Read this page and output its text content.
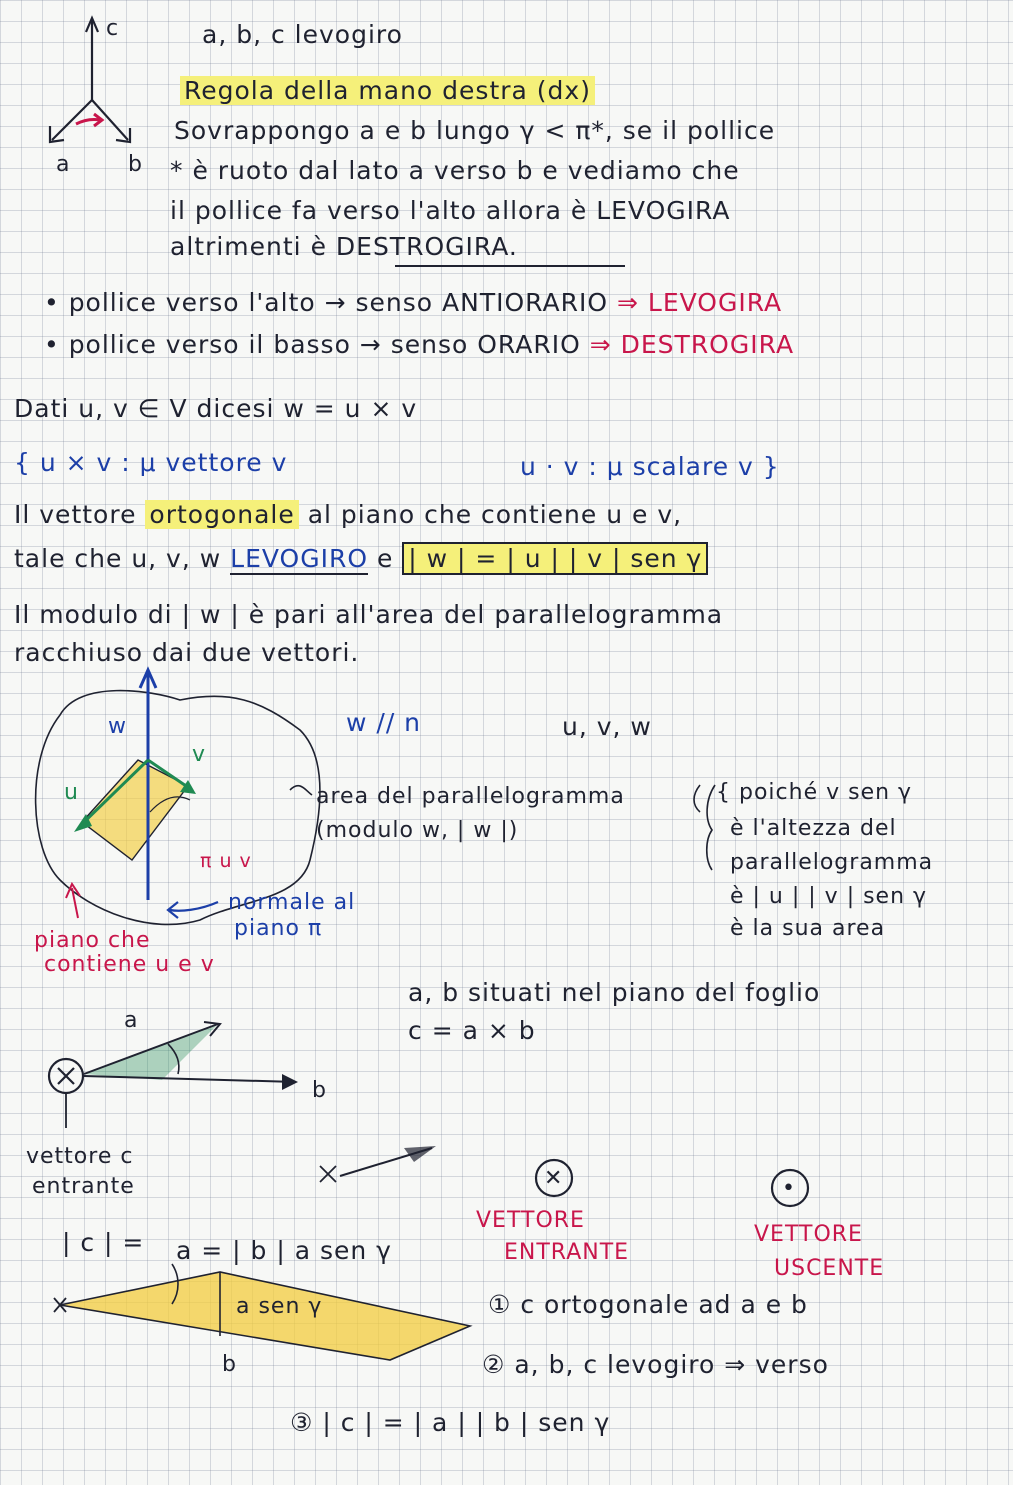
c
a	b
a, b, c levogiro
Regola della mano destra (dx)
Sovrappongo a e b lungo γ < π*, se il pollice
* è ruoto dal lato a verso b e vediamo che
il pollice fa verso l'alto allora è LEVOGIRA
altrimenti è DESTROGIRA.
• pollice verso l'alto → senso ANTIORARIO ⇒ LEVOGIRA
• pollice verso il basso → senso ORARIO ⇒ DESTROGIRA
Dati u, v ∈ V dicesi w = u × v
{ u × v : μ vettore v	u · v : μ scalare v }
Il vettore ortogonale al piano che contiene u e v,
tale che u, v, w LEVOGIRO e | w | = | u | | v | sen γ
Il modulo di | w | è pari all'area del parallelogramma
racchiuso dai due vettori.
w
v
u
π u v
w // n	u, v, w
area del parallelogramma
(modulo w, | w |)
{ poiché v sen γ
è l'altezza del
parallelogramma
è | u | | v | sen γ
è la sua area
normale al
piano π
piano che
contiene u e v
a, b situati nel piano del foglio
c = a × b
a
b
vettore c
entrante	✕	•
VETTORE
ENTRANTE
VETTORE
USCENTE
| c | = a = | b | a sen γ
a sen γ
b
① c ortogonale ad a e b
② a, b, c levogiro ⇒ verso
③ | c | = | a | | b | sen γ
